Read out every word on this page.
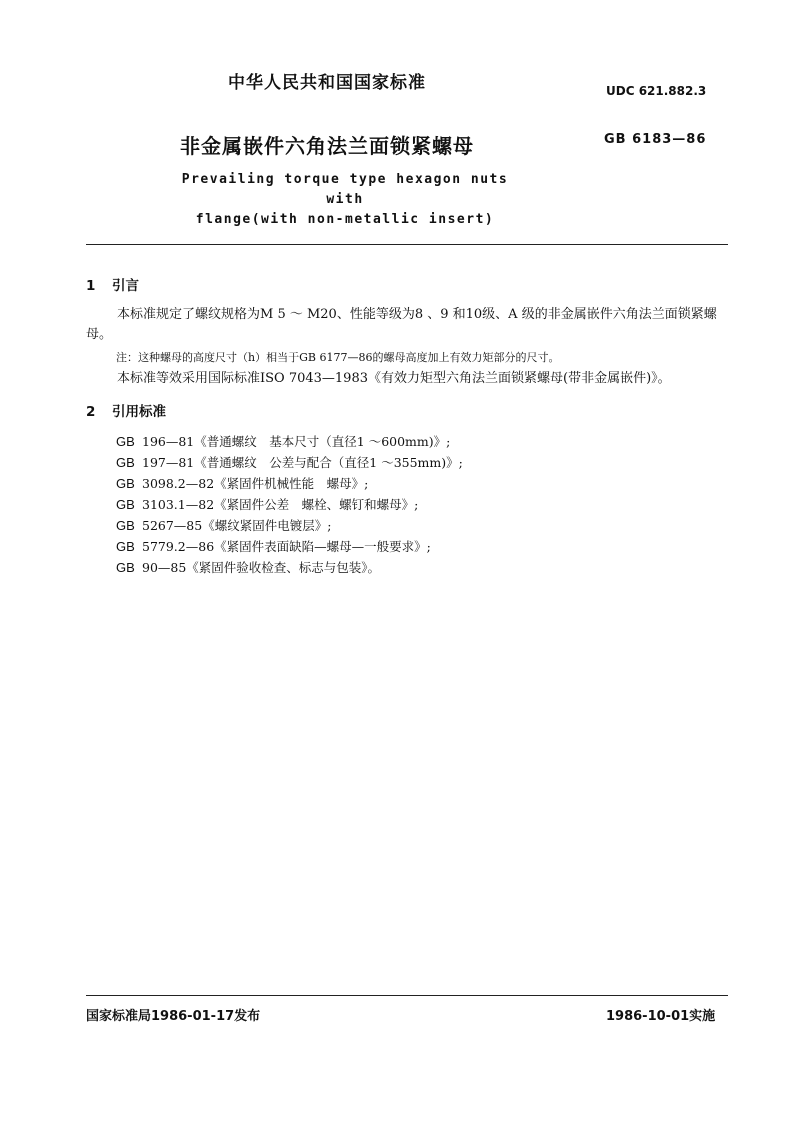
中华人民共和国国家标准	UDC 621.882.3
非金属嵌件六角法兰面锁紧螺母	GB 6183—86
Prevailing torque type hexagon nuts with
flange(with non-metallic insert)
1 引言
本标准规定了螺纹规格为M 5 ～ M20、性能等级为8 、9 和10级、A 级的非金属嵌件六角法兰面锁紧螺母。
注：这种螺母的高度尺寸（h）相当于GB 6177—86的螺母高度加上有效力矩部分的尺寸。
本标准等效采用国际标准ISO 7043—1983《有效力矩型六角法兰面锁紧螺母(带非金属嵌件)》。
2 引用标准
GB 196—81《普通螺纹　基本尺寸（直径1 ～600mm)》;
GB 197—81《普通螺纹　公差与配合（直径1 ～355mm)》;
GB 3098.2—82《紧固件机械性能　螺母》;
GB 3103.1—82《紧固件公差　螺栓、螺钉和螺母》;
GB 5267—85《螺纹紧固件电镀层》;
GB 5779.2—86《紧固件表面缺陷—螺母—一般要求》;
GB 90—85《紧固件验收检查、标志与包装》。
国家标准局1986-01-17发布	1986-10-01实施
